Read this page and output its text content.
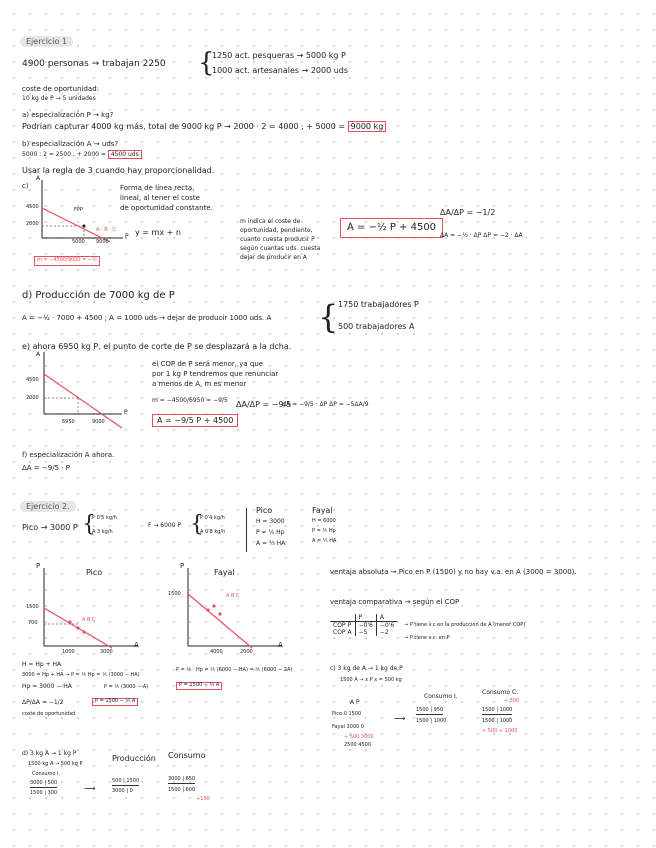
Ejercicio 1
4900 personas → trabajan 2250 {
1250 act. pesqueras → 5000 kg P
1000 act. artesanales → 2000 uds
coste de oportunidad:
10 kg de P → 5 unidades
a) especialización P → kg?
Podrían capturar 4000 kg más, total de 9000 kg P → 2000 · 2 = 4000 , + 5000 = 9000 kg
b) especialización A → uds?
5000 : 2 = 2500 , + 2000 = 4500 uds
Usar la regla de 3 cuando hay proporcionalidad.
c)
A
P
4500
2000
5000 9000
FPP
A · B · C
m = −4500/9000 = −½
Forma de línea recta,
lineal, al tener el coste
de oportunidad constante.
y = mx + n
m indica el coste de
oportunidad, pendiente,
cuanto cuesta producir P
según cuantas uds. cuesta
dejar de producir en A
A = −½ P + 4500
ΔA/ΔP = −1/2
ΔA = −½ · ΔP ΔP = −2 · ΔA
d) Producción de 7000 kg de P
A = −½ · 7000 + 4500 ; A = 1000 uds → dejar de producir 1000 uds. A { 1750 trabajadores P
500 trabajadores A
e) ahora 6950 kg P, el punto de corte de P se desplazará a la dcha.
A
P
4500
2000
6950	9000
el COP de P será menor, ya que
por 1 kg P tendremos que renunciar
a menos de A, m es menor
m = −4500/6950 = −9/5
A = −9/5 P + 4500
ΔA/ΔP = −9/5
ΔA = −9/5 · ΔP ΔP = −5ΔA/9
f) especialización A ahora.
ΔA = −9/5 · P
Ejercicio 2.
Pico → 3000 P {
P 0'5 kg/h
A 3 kg/h
F → 6000 P {
P 0'4 kg/h
A 0'8 kg/h
Pico
H = 3000
P = ⅕ Hp
A = ⅓ HA
Fayal
H = 6000
P = ⅖ Hp
A = ⅕ HA
Pico
P
A
1500
700
1000	3000
A B C
Fayal
P
A
1500
4000	2000
A B C
ventaja absoluta → Pico en P (1500) y no hay v.a. en A (3000 = 3000).
ventaja comparativa → según el COP
	P	A
COP P	−0'6	−0'6
COP A	−5	−2
→ P tiene v.c en la producción de A (menor COP)
→ P tiene v.c. en P
H = Hp + HA
3000 = Hp + HA → P = ⅕ Hp = ⅕ (3000 − HA)
Hp = 3000 − HA	P = ⅕ (3000 − A)
P = 1500 − ½ A
ΔP/ΔA = −1/2
coste de oportunidad
P = ⅖ · Hp = ⅖ (6000 − HA) = ⅖ (6000 − 2A)
P = 1500 − ⅔ A
c) 3 kg de A → 1 kg de P
1500 A → x P x = 500 kg
A P
Pico 0 1500
Fayal 3000 0
+ 500 3000
2500 4500
⟶
Consumo I.
1500 | 950
1500 | 1000
Consumo C.
+ 500
1500 | 1000
1500 | 1000
+ 500 + 1000
d) 3 kg A → 1 kg P
1500 kg A → 500 kg P
Consumo i.
3000 | 500
1500 | 300	⟶
Producción
500 | 1500
3000 | 0
Consumo
3000 | 650
1500 | 600
+150
